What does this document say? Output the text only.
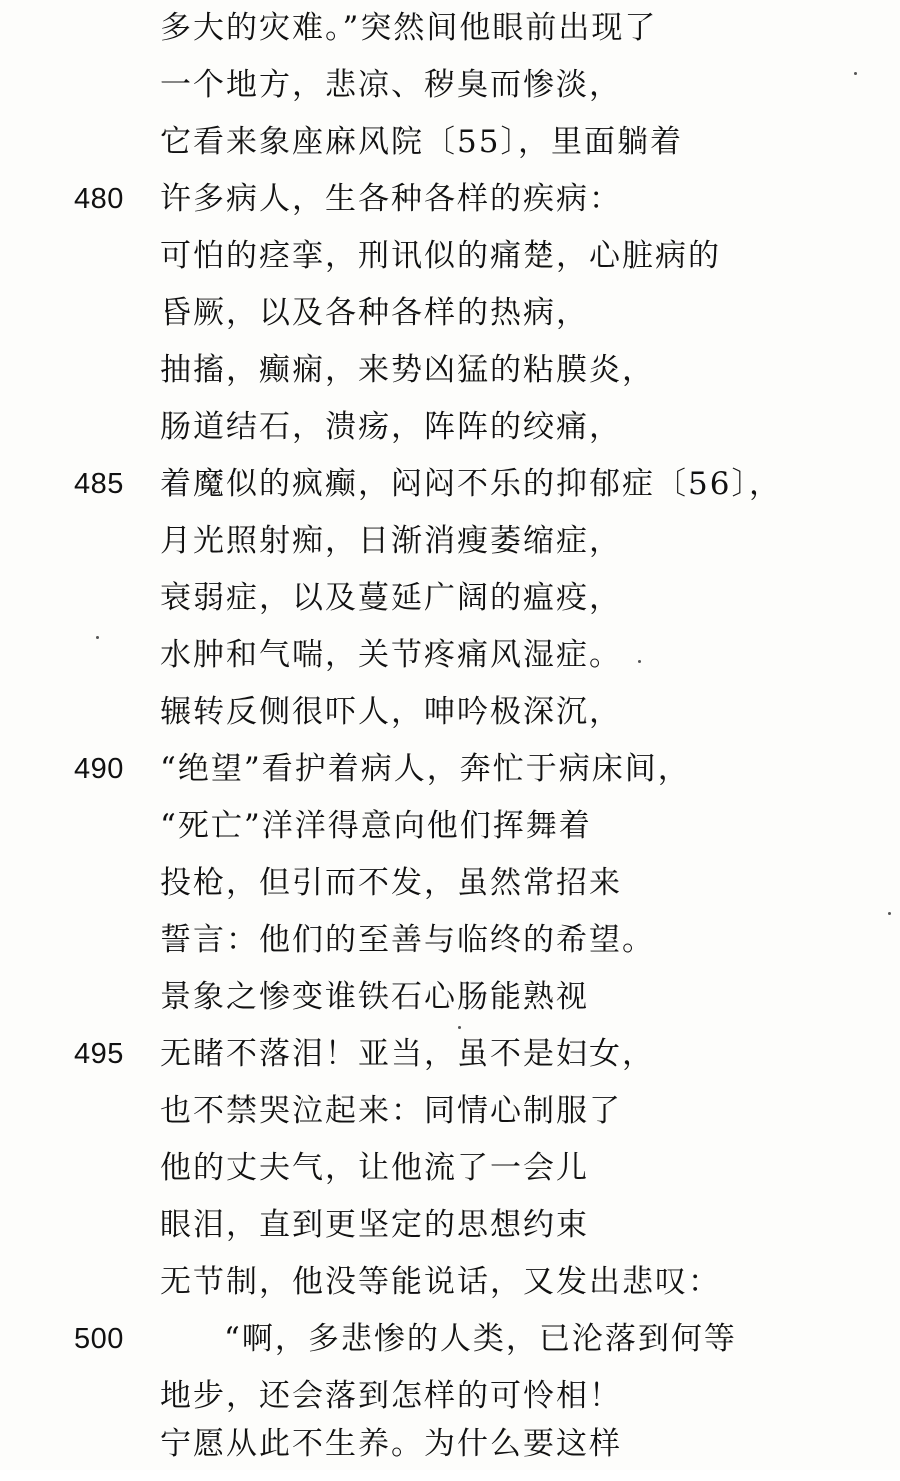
多大的灾难。”突然间他眼前出现了
一个地方，悲凉、秽臭而惨淡，
它看来象座麻风院〔55〕，里面躺着
480 许多病人，生各种各样的疾病：
可怕的痉挛，刑讯似的痛楚，心脏病的
昏厥，以及各种各样的热病，
抽搐，癫痫，来势凶猛的粘膜炎，
肠道结石，溃疡，阵阵的绞痛，
485 着魔似的疯癫，闷闷不乐的抑郁症〔56〕，
月光照射痴，日渐消瘦萎缩症，
衰弱症，以及蔓延广阔的瘟疫，
水肿和气喘，关节疼痛风湿症。
辗转反侧很吓人，呻吟极深沉，
490 “绝望”看护着病人，奔忙于病床间，
“死亡”洋洋得意向他们挥舞着
投枪，但引而不发，虽然常招来
誓言：他们的至善与临终的希望。
景象之惨变谁铁石心肠能熟视
495 无睹不落泪！亚当，虽不是妇女，
也不禁哭泣起来：同情心制服了
他的丈夫气，让他流了一会儿
眼泪，直到更坚定的思想约束
无节制，他没等能说话，又发出悲叹：
500	“啊，多悲惨的人类，已沦落到何等
地步，还会落到怎样的可怜相！
宁愿从此不生养。为什么要这样
